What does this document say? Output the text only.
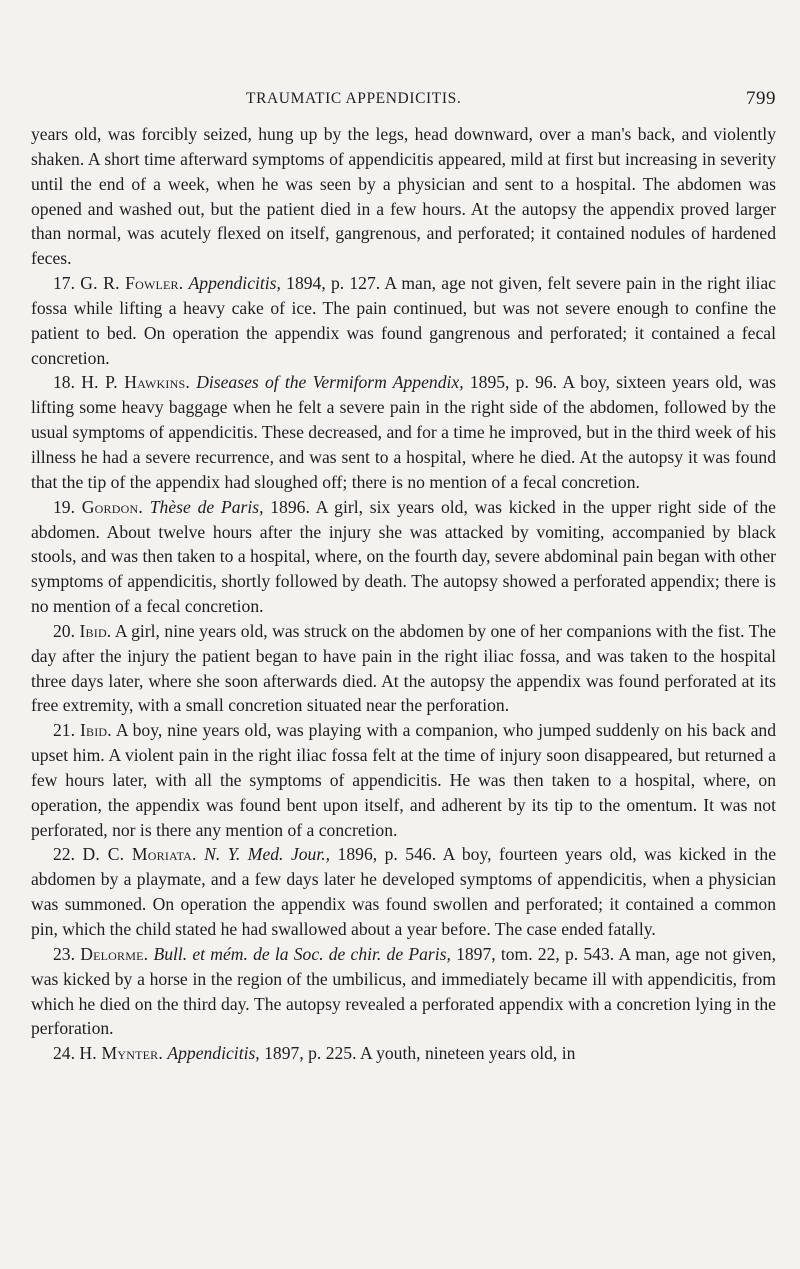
TRAUMATIC APPENDICITIS.	799

years old, was forcibly seized, hung up by the legs, head downward, over a man's back, and violently shaken. A short time afterward symptoms of appendicitis appeared, mild at first but increasing in severity until the end of a week, when he was seen by a physician and sent to a hospital. The abdomen was opened and washed out, but the patient died in a few hours. At the autopsy the appendix proved larger than normal, was acutely flexed on itself, gangrenous, and perforated; it contained nodules of hardened feces.

17. G. R. Fowler. Appendicitis, 1894, p. 127. A man, age not given, felt severe pain in the right iliac fossa while lifting a heavy cake of ice. The pain continued, but was not severe enough to confine the patient to bed. On operation the appendix was found gangrenous and perforated; it contained a fecal concretion.

18. H. P. Hawkins. Diseases of the Vermiform Appendix, 1895, p. 96. A boy, sixteen years old, was lifting some heavy baggage when he felt a severe pain in the right side of the abdomen, followed by the usual symptoms of appendicitis. These decreased, and for a time he improved, but in the third week of his illness he had a severe recurrence, and was sent to a hospital, where he died. At the autopsy it was found that the tip of the appendix had sloughed off; there is no mention of a fecal concretion.

19. Gordon. Thèse de Paris, 1896. A girl, six years old, was kicked in the upper right side of the abdomen. About twelve hours after the injury she was attacked by vomiting, accompanied by black stools, and was then taken to a hospital, where, on the fourth day, severe abdominal pain began with other symptoms of appendicitis, shortly followed by death. The autopsy showed a perforated appendix; there is no mention of a fecal concretion.

20. Ibid. A girl, nine years old, was struck on the abdomen by one of her companions with the fist. The day after the injury the patient began to have pain in the right iliac fossa, and was taken to the hospital three days later, where she soon afterwards died. At the autopsy the appendix was found perforated at its free extremity, with a small concretion situated near the perforation.

21. Ibid. A boy, nine years old, was playing with a companion, who jumped suddenly on his back and upset him. A violent pain in the right iliac fossa felt at the time of injury soon disappeared, but returned a few hours later, with all the symptoms of appendicitis. He was then taken to a hospital, where, on operation, the appendix was found bent upon itself, and adherent by its tip to the omentum. It was not perforated, nor is there any mention of a concretion.

22. D. C. Moriata. N. Y. Med. Jour., 1896, p. 546. A boy, fourteen years old, was kicked in the abdomen by a playmate, and a few days later he developed symptoms of appendicitis, when a physician was summoned. On operation the appendix was found swollen and perforated; it contained a common pin, which the child stated he had swallowed about a year before. The case ended fatally.

23. Delorme. Bull. et mém. de la Soc. de chir. de Paris, 1897, tom. 22, p. 543. A man, age not given, was kicked by a horse in the region of the umbilicus, and immediately became ill with appendicitis, from which he died on the third day. The autopsy revealed a perforated appendix with a concretion lying in the perforation.

24. H. Mynter. Appendicitis, 1897, p. 225. A youth, nineteen years old, in
